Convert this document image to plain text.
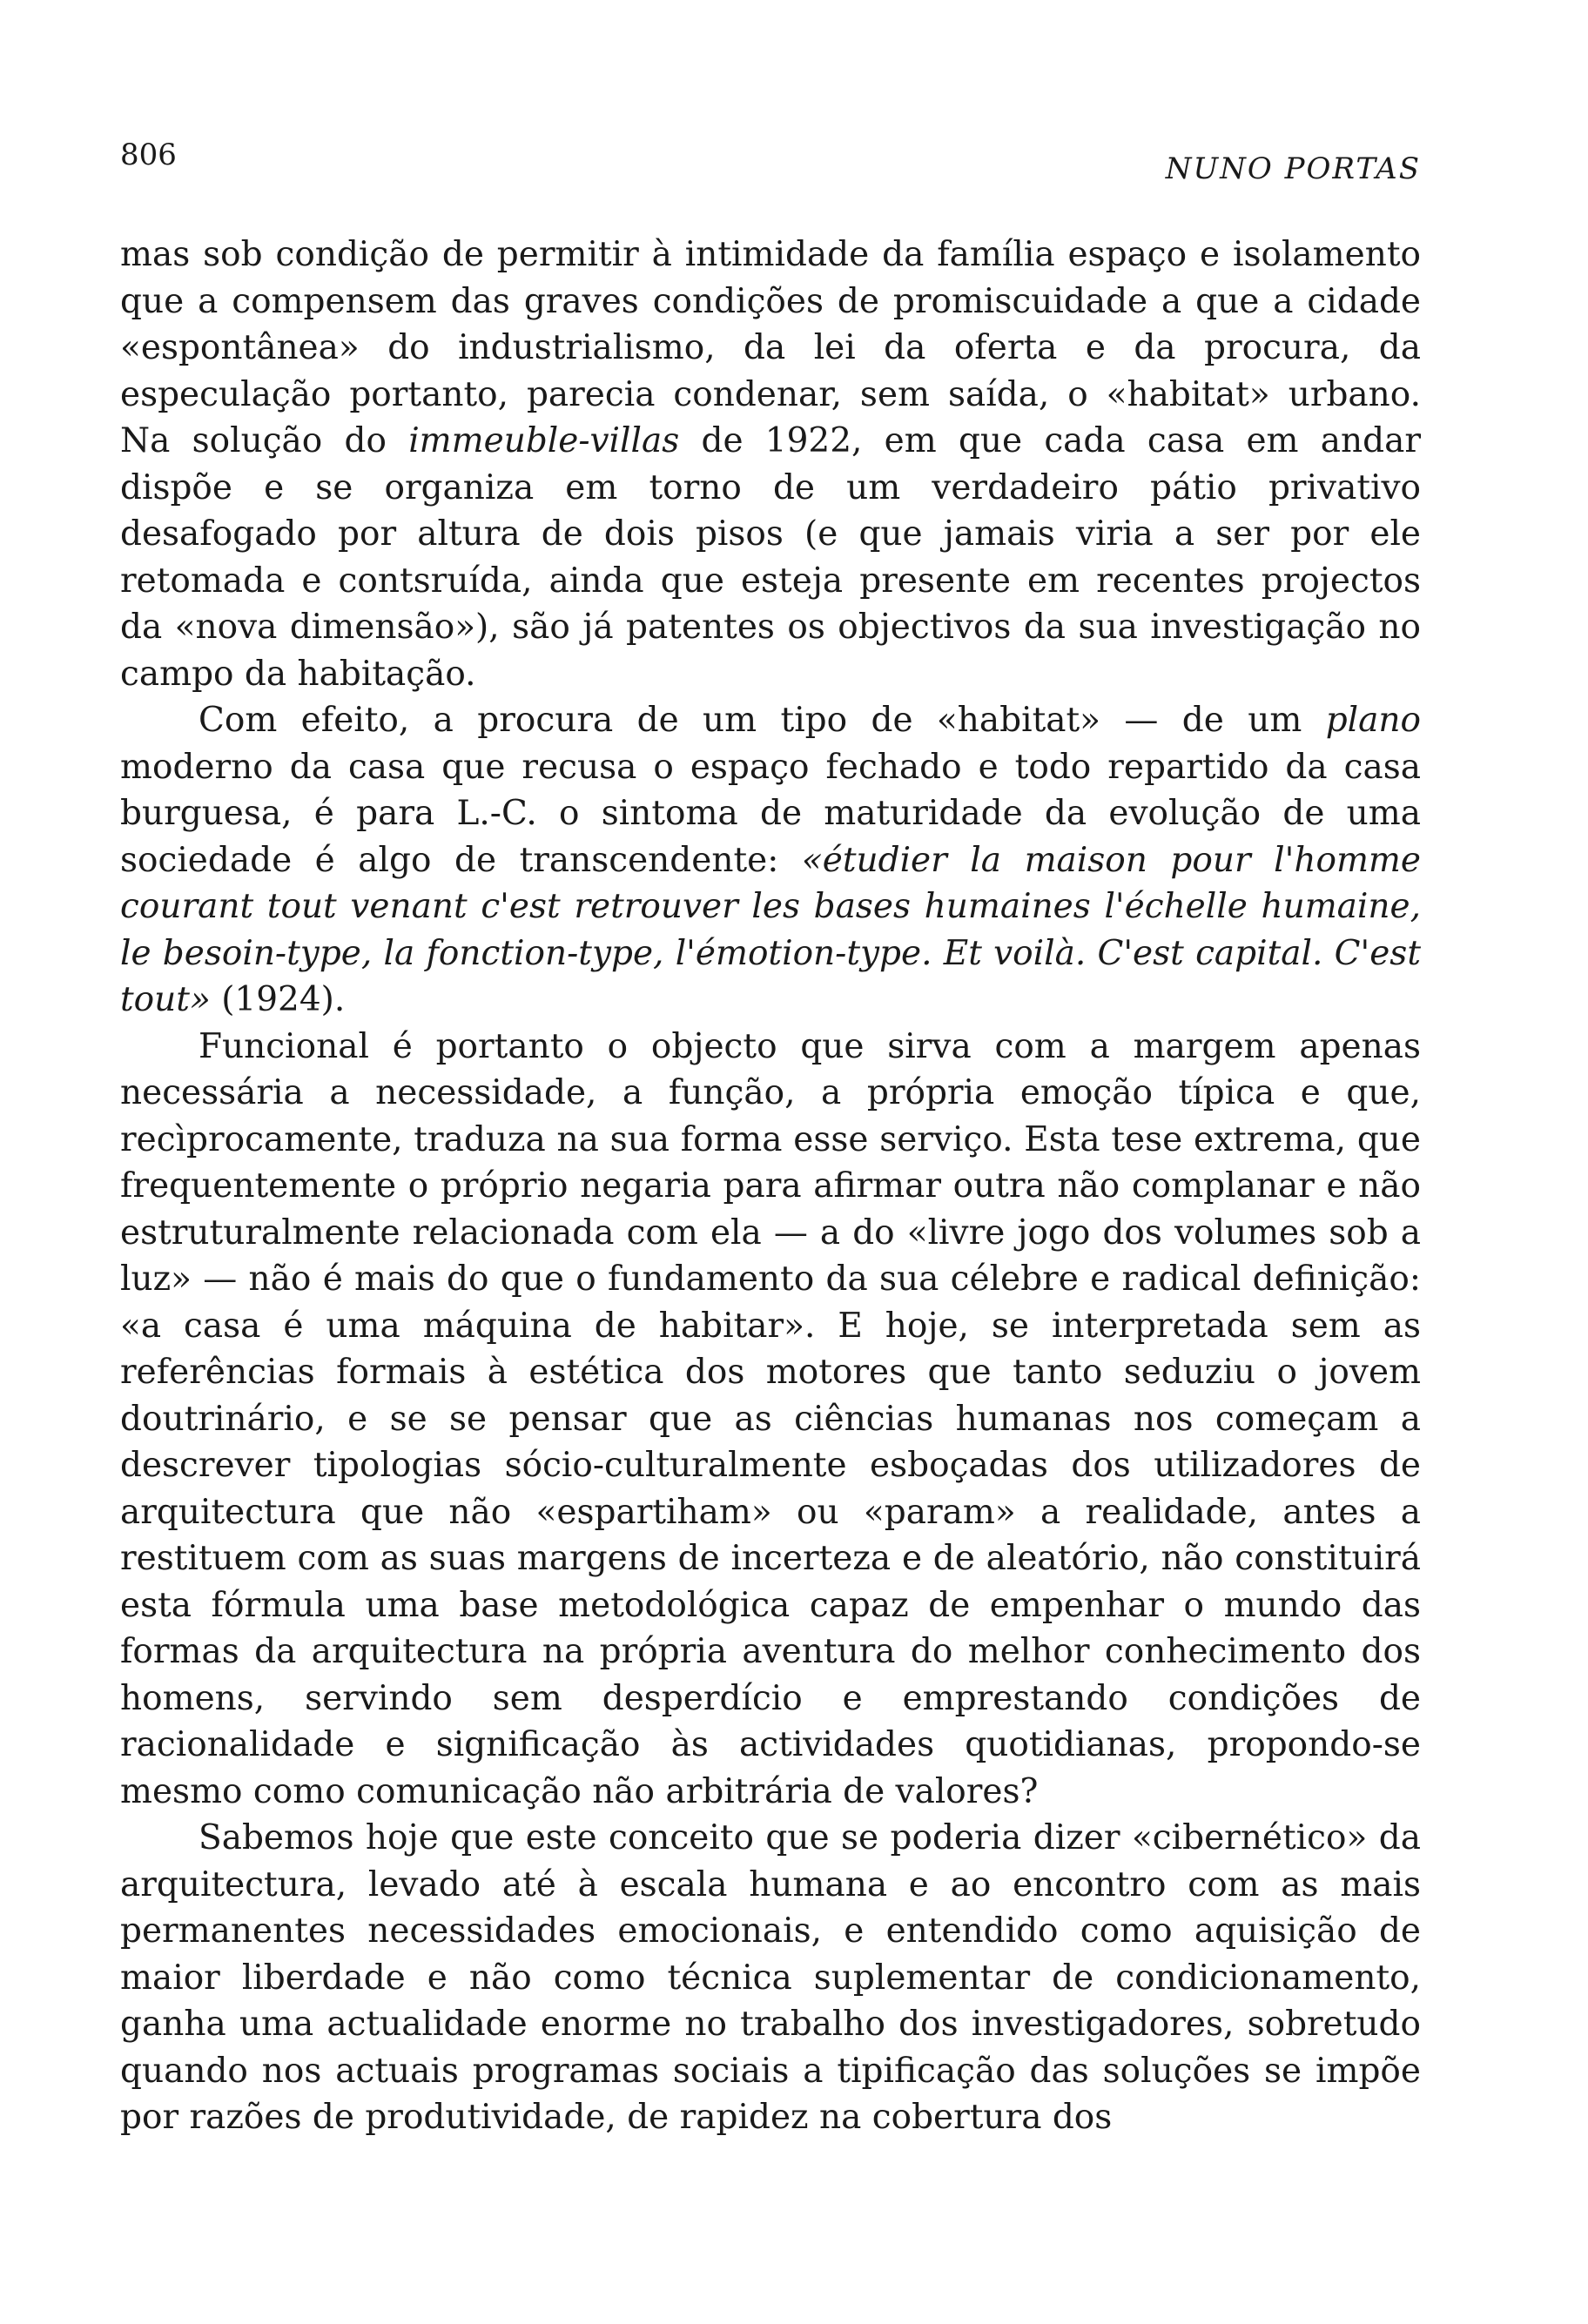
806	NUNO PORTAS

mas sob condição de permitir à intimidade da família espaço e isolamento que a compensem das graves condições de promiscuidade a que a cidade «espontânea» do industrialismo, da lei da oferta e da procura, da especulação portanto, parecia condenar, sem saída, o «habitat» urbano. Na solução do immeuble-villas de 1922, em que cada casa em andar dispõe e se organiza em torno de um verdadeiro pátio privativo desafogado por altura de dois pisos (e que jamais viria a ser por ele retomada e contsruída, ainda que esteja presente em recentes projectos da «nova dimensão»), são já patentes os objectivos da sua investigação no campo da habitação.

Com efeito, a procura de um tipo de «habitat» — de um plano moderno da casa que recusa o espaço fechado e todo repartido da casa burguesa, é para L.-C. o sintoma de maturidade da evolução de uma sociedade é algo de transcendente: «étudier la maison pour l'homme courant tout venant c'est retrouver les bases humaines l'échelle humaine, le besoin-type, la fonction-type, l'émotion-type. Et voilà. C'est capital. C'est tout» (1924).

Funcional é portanto o objecto que sirva com a margem apenas necessária a necessidade, a função, a própria emoção típica e que, recìprocamente, traduza na sua forma esse serviço. Esta tese extrema, que frequentemente o próprio negaria para afirmar outra não complanar e não estruturalmente relacionada com ela — a do «livre jogo dos volumes sob a luz» — não é mais do que o fundamento da sua célebre e radical definição: «a casa é uma máquina de habitar». E hoje, se interpretada sem as referências formais à estética dos motores que tanto seduziu o jovem doutrinário, e se se pensar que as ciências humanas nos começam a descrever tipologias sócio-culturalmente esboçadas dos utilizadores de arquitectura que não «espartiham» ou «param» a realidade, antes a restituem com as suas margens de incerteza e de aleatório, não constituirá esta fórmula uma base metodológica capaz de empenhar o mundo das formas da arquitectura na própria aventura do melhor conhecimento dos homens, servindo sem desperdício e emprestando condições de racionalidade e significação às actividades quotidianas, propondo-se mesmo como comunicação não arbitrária de valores?

Sabemos hoje que este conceito que se poderia dizer «cibernético» da arquitectura, levado até à escala humana e ao encontro com as mais permanentes necessidades emocionais, e entendido como aquisição de maior liberdade e não como técnica suplementar de condicionamento, ganha uma actualidade enorme no trabalho dos investigadores, sobretudo quando nos actuais programas sociais a tipificação das soluções se impõe por razões de produtividade, de rapidez na cobertura dos
